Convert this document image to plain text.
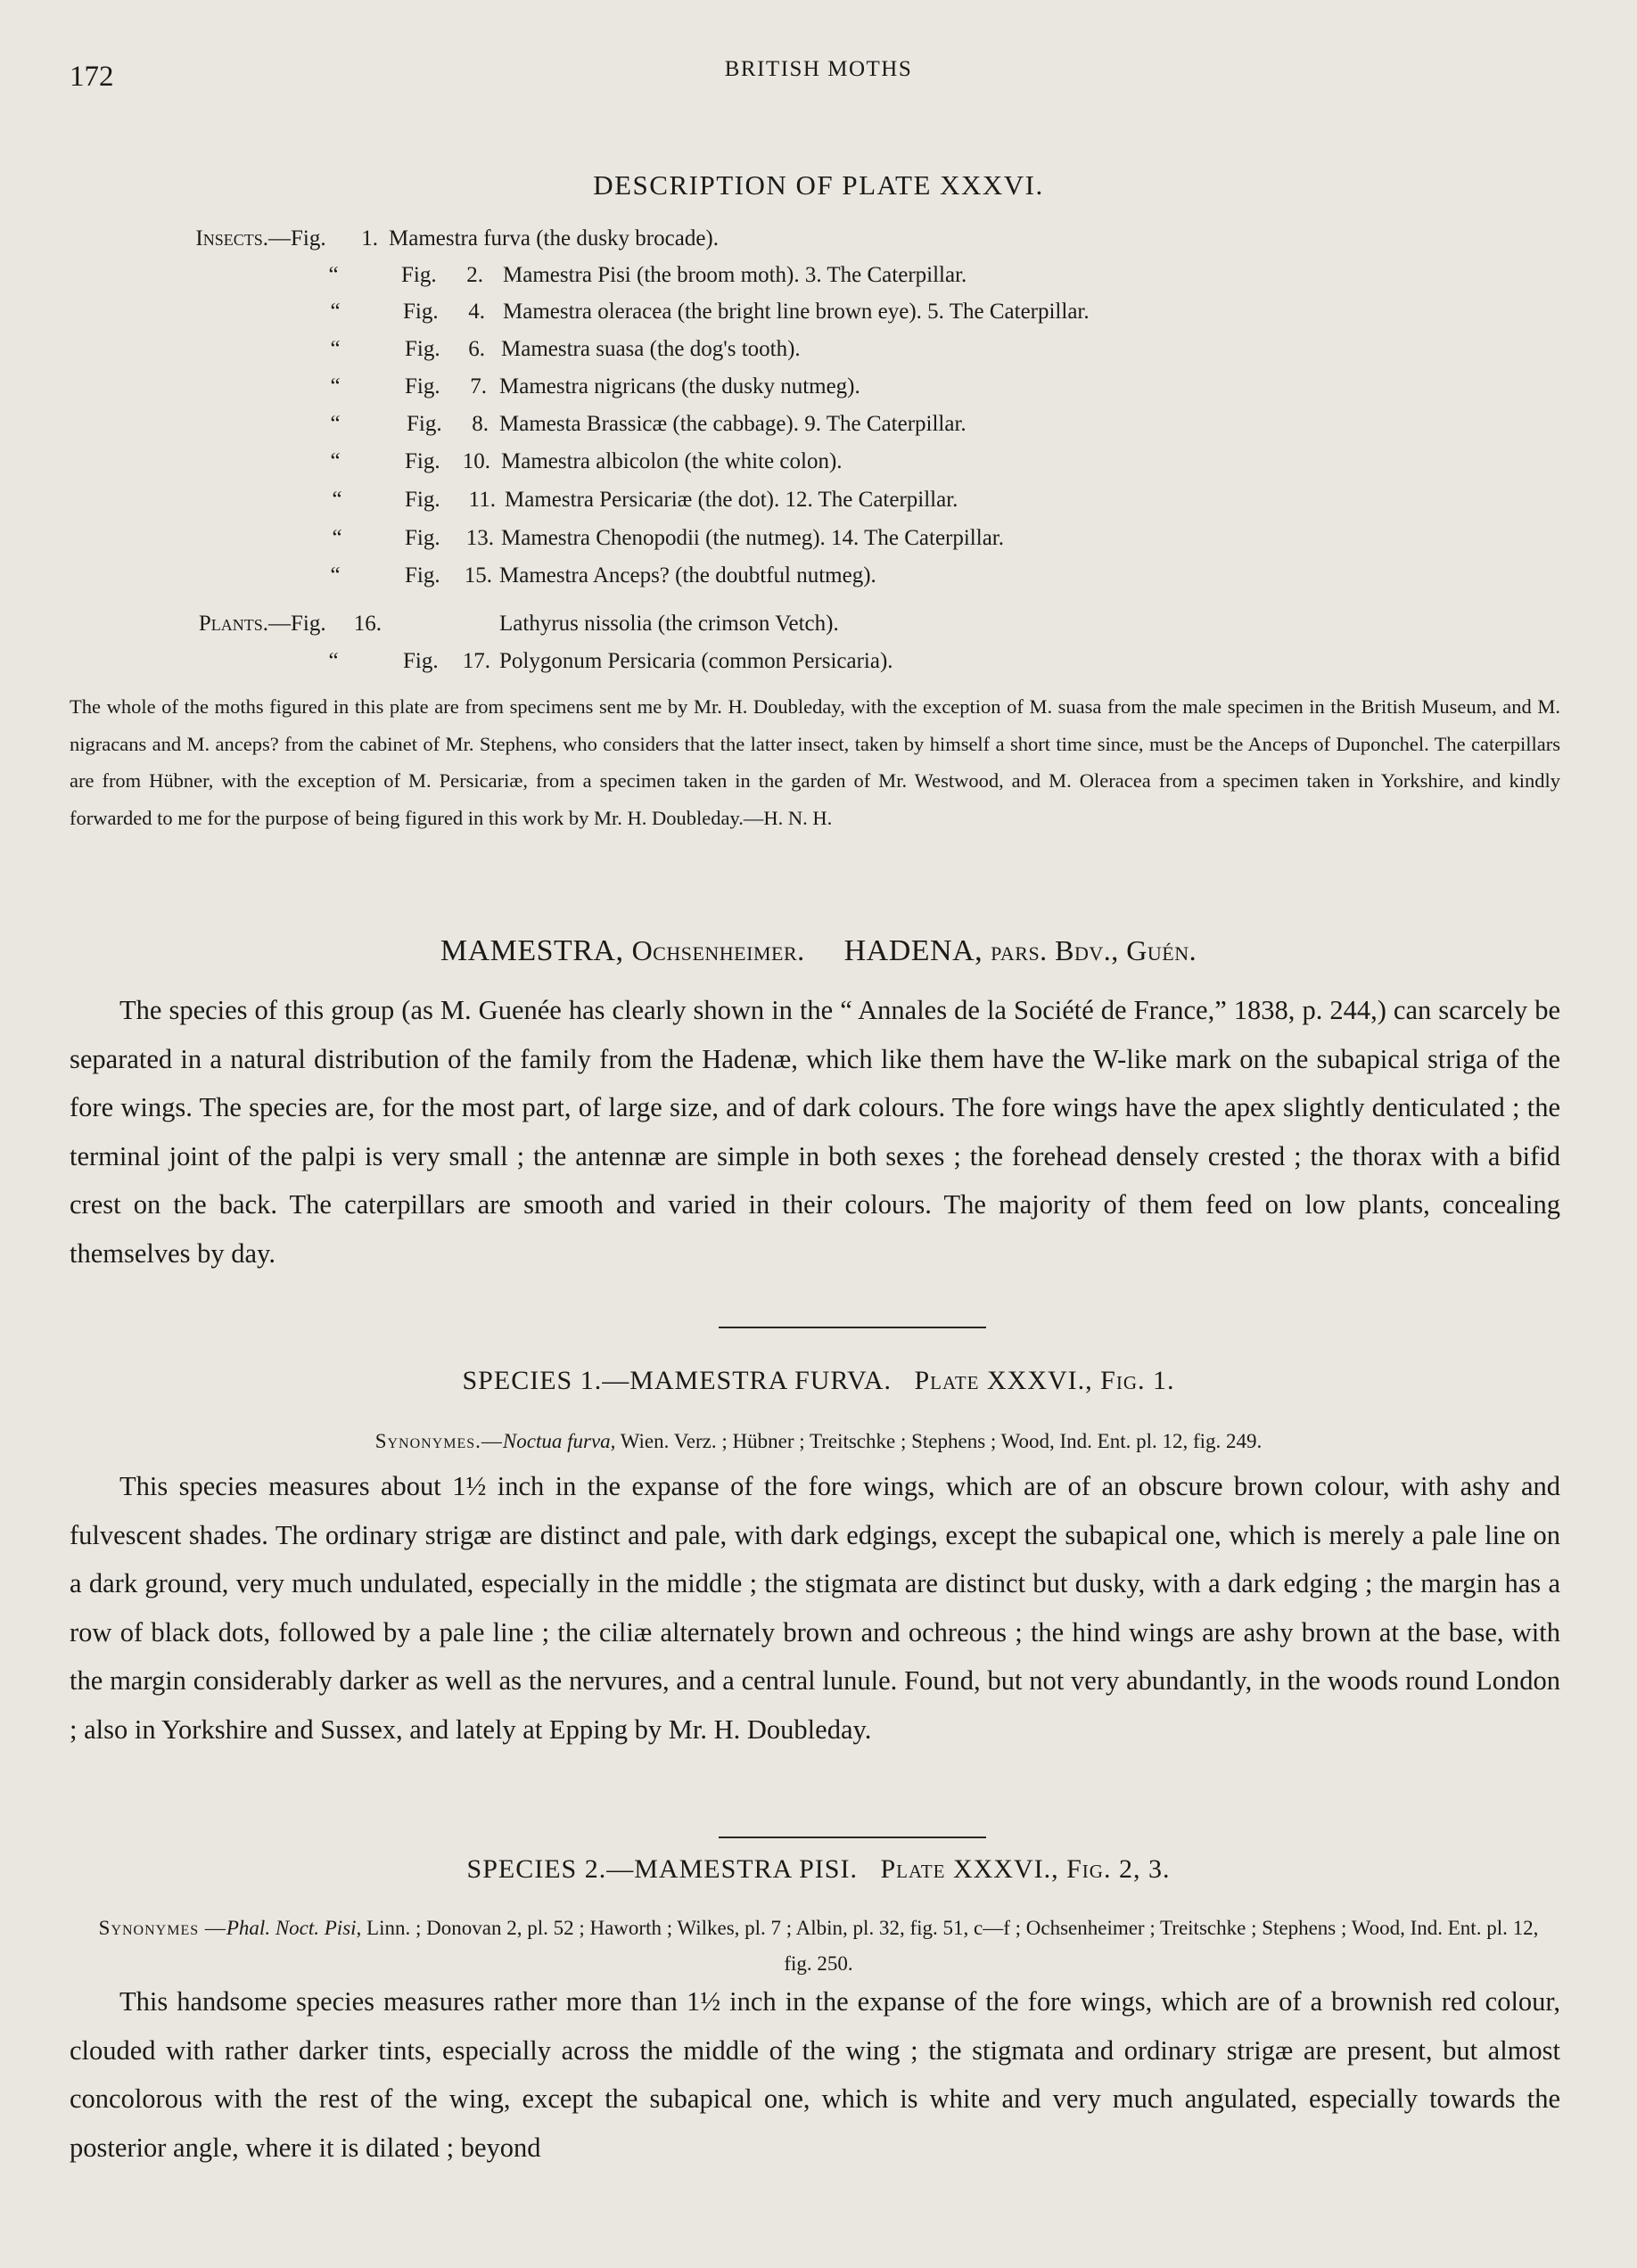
172	BRITISH MOTHS
DESCRIPTION OF PLATE XXXVI.
Insects.— Fig.	1. Mamestra furva (the dusky brocade).
“	Fig.	2. Mamestra Pisi (the broom moth). 3. The Caterpillar.
“	Fig.	4. Mamestra oleracea (the bright line brown eye). 5. The Caterpillar.
“	Fig.	6. Mamestra suasa (the dog's tooth).
“	Fig.	7. Mamestra nigricans (the dusky nutmeg).
“	Fig.	8. Mamesta Brassicæ (the cabbage). 9. The Caterpillar.
“	Fig.	10. Mamestra albicolon (the white colon).
“	Fig.	11. Mamestra Persicariæ (the dot). 12. The Caterpillar.
“	Fig.	13. Mamestra Chenopodii (the nutmeg). 14. The Caterpillar.
“	Fig.	15. Mamestra Anceps? (the doubtful nutmeg).
Plants.— Fig.	16.	Lathyrus nissolia (the crimson Vetch).
“	Fig.	17. Polygonum Persicaria (common Persicaria).

The whole of the moths figured in this plate are from specimens sent me by Mr. H. Doubleday, with the exception of M. suasa from the male specimen in the British Museum, and M. nigracans and M. anceps? from the cabinet of Mr. Stephens, who considers that the latter insect, taken by himself a short time since, must be the Anceps of Duponchel. The caterpillars are from Hübner, with the exception of M. Persicariæ, from a specimen taken in the garden of Mr. Westwood, and M. Oleracea from a specimen taken in Yorkshire, and kindly forwarded to me for the purpose of being figured in this work by Mr. H. Doubleday.—H. N. H.

MAMESTRA, Ochsenheimer. HADENA, pars. Bdv., Guén.

The species of this group (as M. Guenée has clearly shown in the “ Annales de la Société de France,” 1838, p. 244,) can scarcely be separated in a natural distribution of the family from the Hadenæ, which like them have the W-like mark on the subapical striga of the fore wings. The species are, for the most part, of large size, and of dark colours. The fore wings have the apex slightly denticulated ; the terminal joint of the palpi is very small ; the antennæ are simple in both sexes ; the forehead densely crested ; the thorax with a bifid crest on the back. The caterpillars are smooth and varied in their colours. The majority of them feed on low plants, concealing themselves by day.

SPECIES 1.—MAMESTRA FURVA. Plate XXXVI., Fig. 1.
Synonymes.—Noctua furva, Wien. Verz. ; Hübner ; Treitschke ; Stephens ; Wood, Ind. Ent. pl. 12, fig. 249.

This species measures about 1½ inch in the expanse of the fore wings, which are of an obscure brown colour, with ashy and fulvescent shades. The ordinary strigæ are distinct and pale, with dark edgings, except the subapical one, which is merely a pale line on a dark ground, very much undulated, especially in the middle ; the stigmata are distinct but dusky, with a dark edging ; the margin has a row of black dots, followed by a pale line ; the ciliæ alternately brown and ochreous ; the hind wings are ashy brown at the base, with the margin considerably darker as well as the nervures, and a central lunule. Found, but not very abundantly, in the woods round London ; also in Yorkshire and Sussex, and lately at Epping by Mr. H. Doubleday.

SPECIES 2.—MAMESTRA PISI. Plate XXXVI., Fig. 2, 3.
Synonymes —Phal. Noct. Pisi, Linn. ; Donovan 2, pl. 52 ; Haworth ; Wilkes, pl. 7 ; Albin, pl. 32, fig. 51, c—f ; Ochsenheimer ; Treitschke ; Stephens ; Wood, Ind. Ent. pl. 12, fig. 250.

This handsome species measures rather more than 1½ inch in the expanse of the fore wings, which are of a brownish red colour, clouded with rather darker tints, especially across the middle of the wing ; the stigmata and ordinary strigæ are present, but almost concolorous with the rest of the wing, except the subapical one, which is white and very much angulated, especially towards the posterior angle, where it is dilated ; beyond
